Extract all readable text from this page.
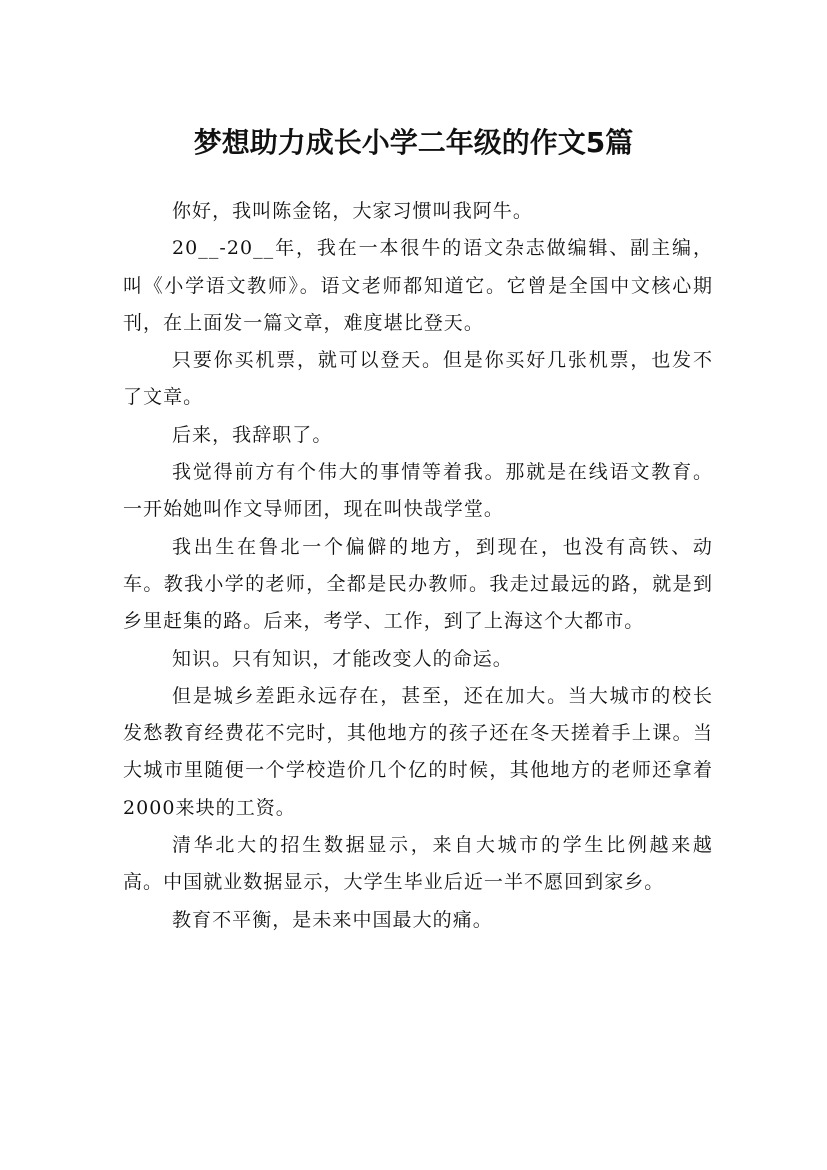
梦想助力成长小学二年级的作文5篇

你好，我叫陈金铭，大家习惯叫我阿牛。

20__-20__年，我在一本很牛的语文杂志做编辑、副主编，叫《小学语文教师》。语文老师都知道它。它曾是全国中文核心期刊，在上面发一篇文章，难度堪比登天。

只要你买机票，就可以登天。但是你买好几张机票，也发不了文章。

后来，我辞职了。

我觉得前方有个伟大的事情等着我。那就是在线语文教育。一开始她叫作文导师团，现在叫快哉学堂。

我出生在鲁北一个偏僻的地方，到现在，也没有高铁、动车。教我小学的老师，全都是民办教师。我走过最远的路，就是到乡里赶集的路。后来，考学、工作，到了上海这个大都市。

知识。只有知识，才能改变人的命运。

但是城乡差距永远存在，甚至，还在加大。当大城市的校长发愁教育经费花不完时，其他地方的孩子还在冬天搓着手上课。当大城市里随便一个学校造价几个亿的时候，其他地方的老师还拿着2000来块的工资。

清华北大的招生数据显示，来自大城市的学生比例越来越高。中国就业数据显示，大学生毕业后近一半不愿回到家乡。

教育不平衡，是未来中国最大的痛。
